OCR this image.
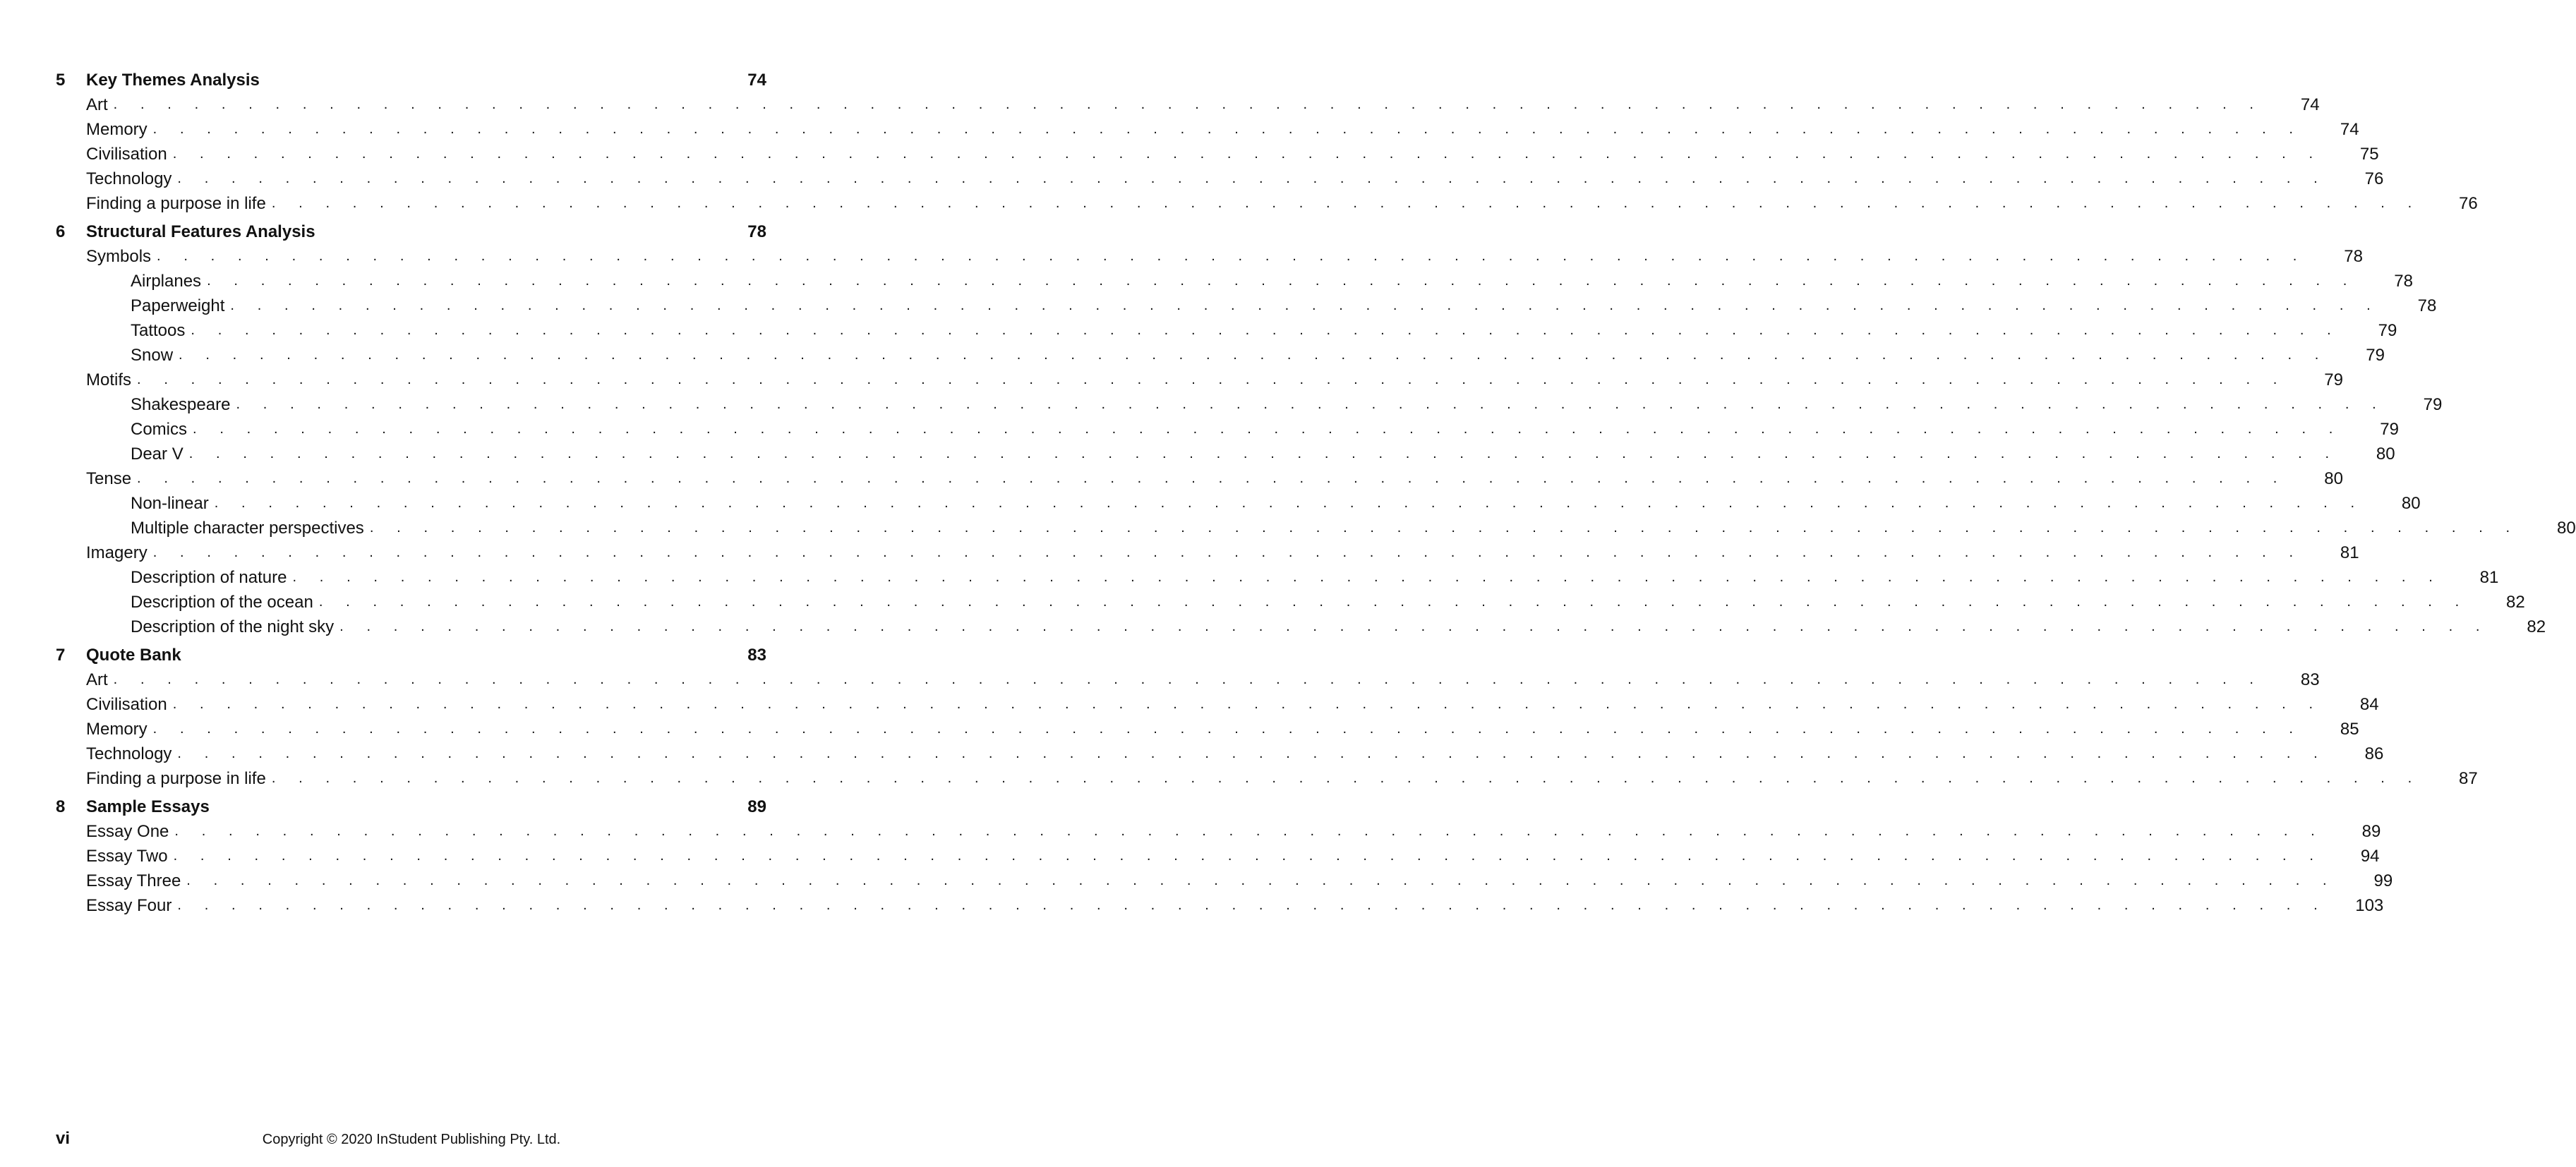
5	Key Themes Analysis	74
Art . . . . . . . . . . . . . . . . . . . . . . . . . . . . . . . . . . . . . . . . . . . . . . . . . . . . . . . . . . . . . . . . . . . . . . . . . . . . . . . .	74
Memory . . . . . . . . . . . . . . . . . . . . . . . . . . . . . . . . . . . . . . . . . . . . . . . . . . . . . . . . . . . . . . . . . . . . . . . . . . . . . . . .	74
Civilisation . . . . . . . . . . . . . . . . . . . . . . . . . . . . . . . . . . . . . . . . . . . . . . . . . . . . . . . . . . . . . . . . . . . . . . . . . . . . . . . .	75
Technology . . . . . . . . . . . . . . . . . . . . . . . . . . . . . . . . . . . . . . . . . . . . . . . . . . . . . . . . . . . . . . . . . . . . . . . . . . . . . . . .	76
Finding a purpose in life . . . . . . . . . . . . . . . . . . . . . . . . . . . . . . . . . . . . . . . . . . . . . . . . . . . . . . . . . . . . . . . . . . . . . . . . . . . . . . . .	76
6	Structural Features Analysis	78
Symbols . . . . . . . . . . . . . . . . . . . . . . . . . . . . . . . . . . . . . . . . . . . . . . . . . . . . . . . . . . . . . . . . . . . . . . . . . . . . . . . .	78
Airplanes . . . . . . . . . . . . . . . . . . . . . . . . . . . . . . . . . . . . . . . . . . . . . . . . . . . . . . . . . . . . . . . . . . . . . . . . . . . . . . . .	78
Paperweight . . . . . . . . . . . . . . . . . . . . . . . . . . . . . . . . . . . . . . . . . . . . . . . . . . . . . . . . . . . . . . . . . . . . . . . . . . . . . . . .	78
Tattoos . . . . . . . . . . . . . . . . . . . . . . . . . . . . . . . . . . . . . . . . . . . . . . . . . . . . . . . . . . . . . . . . . . . . . . . . . . . . . . . .	79
Snow . . . . . . . . . . . . . . . . . . . . . . . . . . . . . . . . . . . . . . . . . . . . . . . . . . . . . . . . . . . . . . . . . . . . . . . . . . . . . . . .	79
Motifs . . . . . . . . . . . . . . . . . . . . . . . . . . . . . . . . . . . . . . . . . . . . . . . . . . . . . . . . . . . . . . . . . . . . . . . . . . . . . . . .	79
Shakespeare . . . . . . . . . . . . . . . . . . . . . . . . . . . . . . . . . . . . . . . . . . . . . . . . . . . . . . . . . . . . . . . . . . . . . . . . . . . . . . . .	79
Comics . . . . . . . . . . . . . . . . . . . . . . . . . . . . . . . . . . . . . . . . . . . . . . . . . . . . . . . . . . . . . . . . . . . . . . . . . . . . . . . .	79
Dear V . . . . . . . . . . . . . . . . . . . . . . . . . . . . . . . . . . . . . . . . . . . . . . . . . . . . . . . . . . . . . . . . . . . . . . . . . . . . . . . .	80
Tense . . . . . . . . . . . . . . . . . . . . . . . . . . . . . . . . . . . . . . . . . . . . . . . . . . . . . . . . . . . . . . . . . . . . . . . . . . . . . . . .	80
Non-linear . . . . . . . . . . . . . . . . . . . . . . . . . . . . . . . . . . . . . . . . . . . . . . . . . . . . . . . . . . . . . . . . . . . . . . . . . . . . . . . .	80
Multiple character perspectives . . . . . . . . . . . . . . . . . . . . . . . . . . . . . . . . . . . . . . . . . . . . . . . . . . . . . . . . . . . . . . . . . . . . . . . . . . . . . . . .	80
Imagery . . . . . . . . . . . . . . . . . . . . . . . . . . . . . . . . . . . . . . . . . . . . . . . . . . . . . . . . . . . . . . . . . . . . . . . . . . . . . . . .	81
Description of nature . . . . . . . . . . . . . . . . . . . . . . . . . . . . . . . . . . . . . . . . . . . . . . . . . . . . . . . . . . . . . . . . . . . . . . . . . . . . . . . .	81
Description of the ocean . . . . . . . . . . . . . . . . . . . . . . . . . . . . . . . . . . . . . . . . . . . . . . . . . . . . . . . . . . . . . . . . . . . . . . . . . . . . . . . .	82
Description of the night sky . . . . . . . . . . . . . . . . . . . . . . . . . . . . . . . . . . . . . . . . . . . . . . . . . . . . . . . . . . . . . . . . . . . . . . . . . . . . . . . .	82
7	Quote Bank	83
Art . . . . . . . . . . . . . . . . . . . . . . . . . . . . . . . . . . . . . . . . . . . . . . . . . . . . . . . . . . . . . . . . . . . . . . . . . . . . . . . .	83
Civilisation . . . . . . . . . . . . . . . . . . . . . . . . . . . . . . . . . . . . . . . . . . . . . . . . . . . . . . . . . . . . . . . . . . . . . . . . . . . . . . . .	84
Memory . . . . . . . . . . . . . . . . . . . . . . . . . . . . . . . . . . . . . . . . . . . . . . . . . . . . . . . . . . . . . . . . . . . . . . . . . . . . . . . .	85
Technology . . . . . . . . . . . . . . . . . . . . . . . . . . . . . . . . . . . . . . . . . . . . . . . . . . . . . . . . . . . . . . . . . . . . . . . . . . . . . . . .	86
Finding a purpose in life . . . . . . . . . . . . . . . . . . . . . . . . . . . . . . . . . . . . . . . . . . . . . . . . . . . . . . . . . . . . . . . . . . . . . . . . . . . . . . . .	87
8	Sample Essays	89
Essay One . . . . . . . . . . . . . . . . . . . . . . . . . . . . . . . . . . . . . . . . . . . . . . . . . . . . . . . . . . . . . . . . . . . . . . . . . . . . . . . .	89
Essay Two . . . . . . . . . . . . . . . . . . . . . . . . . . . . . . . . . . . . . . . . . . . . . . . . . . . . . . . . . . . . . . . . . . . . . . . . . . . . . . . .	94
Essay Three . . . . . . . . . . . . . . . . . . . . . . . . . . . . . . . . . . . . . . . . . . . . . . . . . . . . . . . . . . . . . . . . . . . . . . . . . . . . . . . .	99
Essay Four . . . . . . . . . . . . . . . . . . . . . . . . . . . . . . . . . . . . . . . . . . . . . . . . . . . . . . . . . . . . . . . . . . . . . . . . . . . . . . . .	103
vi	Copyright © 2020 InStudent Publishing Pty. Ltd.
